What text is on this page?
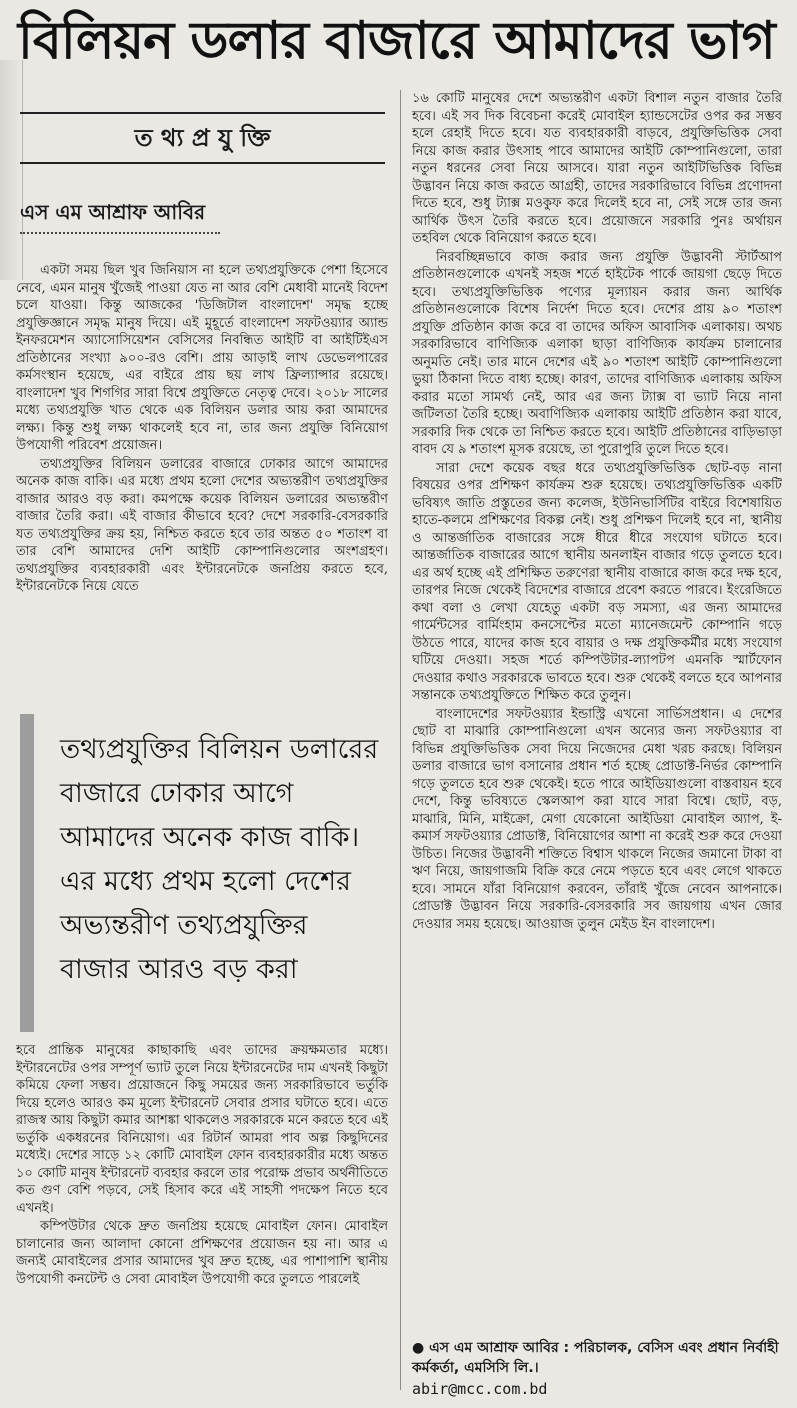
বিলিয়ন ডলার বাজারে আমাদের ভাগ
ত থ্য প্র যু ক্তি
এস এম আশ্রাফ আবির

একটা সময় ছিল খুব জিনিয়াস না হলে তথ্যপ্রযুক্তিকে পেশা হিসেবে নেবে, এমন মানুষ খুঁজেই পাওয়া যেত না আর বেশি মেধাবী মানেই বিদেশ চলে যাওয়া। কিন্তু আজকের 'ডিজিটাল বাংলাদেশ' সমৃদ্ধ হচ্ছে প্রযুক্তিজ্ঞানে সমৃদ্ধ মানুষ দিয়ে। এই মুহূর্তে বাংলাদেশ সফটওয়্যার অ্যান্ড ইনফরমেশন অ্যাসোসিয়েশন বেসিসের নিবন্ধিত আইটি বা আইটিইএস প্রতিষ্ঠানের সংখ্যা ৯০০-রও বেশি। প্রায় আড়াই লাখ ডেভেলপারের কর্মসংস্থান হয়েছে, এর বাইরে প্রায় ছয় লাখ ফ্রিল্যান্সার রয়েছে। বাংলাদেশ খুব শিগগির সারা বিশ্বে প্রযুক্তিতে নেতৃত্ব দেবে। ২০১৮ সালের মধ্যে তথ্যপ্রযুক্তি খাত থেকে এক বিলিয়ন ডলার আয় করা আমাদের লক্ষ্য। কিন্তু শুধু লক্ষ্য থাকলেই হবে না, তার জন্য প্রযুক্তি বিনিয়োগ উপযোগী পরিবেশ প্রয়োজন।

তথ্যপ্রযুক্তির বিলিয়ন ডলারের বাজারে ঢোকার আগে আমাদের অনেক কাজ বাকি। এর মধ্যে প্রথম হলো দেশের অভ্যন্তরীণ তথ্যপ্রযুক্তির বাজার আরও বড় করা। কমপক্ষে কয়েক বিলিয়ন ডলারের অভ্যন্তরীণ বাজার তৈরি করা। এই বাজার কীভাবে হবে? দেশে সরকারি-বেসরকারি যত তথ্যপ্রযুক্তির ক্রয় হয়, নিশ্চিত করতে হবে তার অন্তত ৫০ শতাংশ বা তার বেশি আমাদের দেশি আইটি কোম্পানিগুলোর অংশগ্রহণ। তথ্যপ্রযুক্তির ব্যবহারকারী এবং ইন্টারনেটকে জনপ্রিয় করতে হবে, ইন্টারনেটকে নিয়ে যেতে

তথ্যপ্রযুক্তির বিলিয়ন ডলারের বাজারে ঢোকার আগে আমাদের অনেক কাজ বাকি। এর মধ্যে প্রথম হলো দেশের অভ্যন্তরীণ তথ্যপ্রযুক্তির বাজার আরও বড় করা

হবে প্রান্তিক মানুষের কাছাকাছি এবং তাদের ক্রয়ক্ষমতার মধ্যে। ইন্টারনেটের ওপর সম্পূর্ণ ভ্যাট তুলে নিয়ে ইন্টারনেটের দাম এখনই কিছুটা কমিয়ে ফেলা সম্ভব। প্রয়োজনে কিছু সময়ের জন্য সরকারিভাবে ভর্তুকি দিয়ে হলেও আরও কম মূল্যে ইন্টারনেট সেবার প্রসার ঘটাতে হবে। এতে রাজস্ব আয় কিছুটা কমার আশঙ্কা থাকলেও সরকারকে মনে করতে হবে এই ভর্তুকি একধরনের বিনিয়োগ। এর রিটার্ন আমরা পাব অল্প কিছুদিনের মধ্যেই। দেশের সাড়ে ১২ কোটি মোবাইল ফোন ব্যবহারকারীর মধ্যে অন্তত ১০ কোটি মানুষ ইন্টারনেট ব্যবহার করলে তার পরোক্ষ প্রভাব অর্থনীতিতে কত গুণ বেশি পড়বে, সেই হিসাব করে এই সাহসী পদক্ষেপ নিতে হবে এখনই।

কম্পিউটার থেকে দ্রুত জনপ্রিয় হয়েছে মোবাইল ফোন। মোবাইল চালানোর জন্য আলাদা কোনো প্রশিক্ষণের প্রয়োজন হয় না। আর এ জন্যই মোবাইলের প্রসার আমাদের খুব দ্রুত হচ্ছে, এর পাশাপাশি স্থানীয় উপযোগী কনটেন্ট ও সেবা মোবাইল উপযোগী করে তুলতে পারলেই

১৬ কোটি মানুষের দেশে অভ্যন্তরীণ একটা বিশাল নতুন বাজার তৈরি হবে। এই সব দিক বিবেচনা করেই মোবাইল হ্যান্ডসেটের ওপর কর সম্ভব হলে রেহাই দিতে হবে। যত ব্যবহারকারী বাড়বে, প্রযুক্তিভিত্তিক সেবা নিয়ে কাজ করার উৎসাহ পাবে আমাদের আইটি কোম্পানিগুলো, তারা নতুন ধরনের সেবা নিয়ে আসবে। যারা নতুন আইটিভিত্তিক বিভিন্ন উদ্ভাবন নিয়ে কাজ করতে আগ্রহী, তাদের সরকারিভাবে বিভিন্ন প্রণোদনা দিতে হবে, শুধু ট্যাক্স মওকুফ করে দিলেই হবে না, সেই সঙ্গে তার জন্য আর্থিক উৎস তৈরি করতে হবে। প্রয়োজনে সরকারি পুনঃ অর্থায়ন তহবিল থেকে বিনিয়োগ করতে হবে।

নিরবচ্ছিন্নভাবে কাজ করার জন্য প্রযুক্তি উদ্ভাবনী স্টার্টআপ প্রতিষ্ঠানগুলোকে এখনই সহজ শর্তে হাইটেক পার্কে জায়গা ছেড়ে দিতে হবে। তথ্যপ্রযুক্তিভিত্তিক পণ্যের মূল্যায়ন করার জন্য আর্থিক প্রতিষ্ঠানগুলোকে বিশেষ নির্দেশ দিতে হবে। দেশের প্রায় ৯০ শতাংশ প্রযুক্তি প্রতিষ্ঠান কাজ করে বা তাদের অফিস আবাসিক এলাকায়। অথচ সরকারিভাবে বাণিজ্যিক এলাকা ছাড়া বাণিজ্যিক কার্যক্রম চালানোর অনুমতি নেই। তার মানে দেশের এই ৯০ শতাংশ আইটি কোম্পানিগুলো ভুয়া ঠিকানা দিতে বাধ্য হচ্ছে। কারণ, তাদের বাণিজ্যিক এলাকায় অফিস করার মতো সামর্থ্য নেই, আর এর জন্য ট্যাক্স বা ভ্যাট নিয়ে নানা জটিলতা তৈরি হচ্ছে। অবাণিজ্যিক এলাকায় আইটি প্রতিষ্ঠান করা যাবে, সরকারি দিক থেকে তা নিশ্চিত করতে হবে। আইটি প্রতিষ্ঠানের বাড়িভাড়া বাবদ যে ৯ শতাংশ মূসক রয়েছে, তা পুরোপুরি তুলে দিতে হবে।

সারা দেশে কয়েক বছর ধরে তথ্যপ্রযুক্তিভিত্তিক ছোট-বড় নানা বিষয়ের ওপর প্রশিক্ষণ কার্যক্রম শুরু হয়েছে। তথ্যপ্রযুক্তিভিত্তিক একটি ভবিষ্যৎ জাতি প্রস্তুতের জন্য কলেজ, ইউনিভার্সিটির বাইরে বিশেষায়িত হাতে-কলমে প্রশিক্ষণের বিকল্প নেই। শুধু প্রশিক্ষণ দিলেই হবে না, স্থানীয় ও আন্তর্জাতিক বাজারের সঙ্গে ধীরে ধীরে সংযোগ ঘটাতে হবে। আন্তর্জাতিক বাজারের আগে স্থানীয় অনলাইন বাজার গড়ে তুলতে হবে। এর অর্থ হচ্ছে এই প্রশিক্ষিত তরুণেরা স্থানীয় বাজারে কাজ করে দক্ষ হবে, তারপর নিজে থেকেই বিদেশের বাজারে প্রবেশ করতে পারবে। ইংরেজিতে কথা বলা ও লেখা যেহেতু একটা বড় সমস্যা, এর জন্য আমাদের গার্মেন্টসের বার্মিংহাম কনসেপ্টের মতো ম্যানেজমেন্ট কোম্পানি গড়ে উঠতে পারে, যাদের কাজ হবে বায়ার ও দক্ষ প্রযুক্তিকর্মীর মধ্যে সংযোগ ঘটিয়ে দেওয়া। সহজ শর্তে কম্পিউটার-ল্যাপটপ এমনকি স্মার্টফোন দেওয়ার কথাও সরকারকে ভাবতে হবে। শুরু থেকেই বলতে হবে আপনার সন্তানকে তথ্যপ্রযুক্তিতে শিক্ষিত করে তুলুন।

বাংলাদেশের সফটওয়্যার ইন্ডাস্ট্রি এখনো সার্ভিসপ্রধান। এ দেশের ছোট বা মাঝারি কোম্পানিগুলো এখন অন্যের জন্য সফটওয়্যার বা বিভিন্ন প্রযুক্তিভিত্তিক সেবা দিয়ে নিজেদের মেধা খরচ করছে। বিলিয়ন ডলার বাজারে ভাগ বসানোর প্রধান শর্ত হচ্ছে প্রোডাক্ট-নির্ভর কোম্পানি গড়ে তুলতে হবে শুরু থেকেই। হতে পারে আইডিয়াগুলো বাস্তবায়ন হবে দেশে, কিন্তু ভবিষ্যতে স্কেলআপ করা যাবে সারা বিশ্বে। ছোট, বড়, মাঝারি, মিনি, মাইক্রো, মেগা যেকোনো আইডিয়া মোবাইল অ্যাপ, ই-কমার্স সফটওয়্যার প্রোডাক্ট, বিনিয়োগের আশা না করেই শুরু করে দেওয়া উচিত। নিজের উদ্ভাবনী শক্তিতে বিশ্বাস থাকলে নিজের জমানো টাকা বা ঋণ নিয়ে, জায়গাজমি বিক্রি করে নেমে পড়তে হবে এবং লেগে থাকতে হবে। সামনে যাঁরা বিনিয়োগ করবেন, তাঁরাই খুঁজে নেবেন আপনাকে। প্রোডাক্ট উদ্ভাবন নিয়ে সরকারি-বেসরকারি সব জায়গায় এখন জোর দেওয়ার সময় হয়েছে। আওয়াজ তুলুন মেইড ইন বাংলাদেশ।

● এস এম আশ্রাফ আবির : পরিচালক, বেসিস এবং প্রধান নির্বাহী কর্মকর্তা, এমসিসি লি.।
abir@mcc.com.bd
